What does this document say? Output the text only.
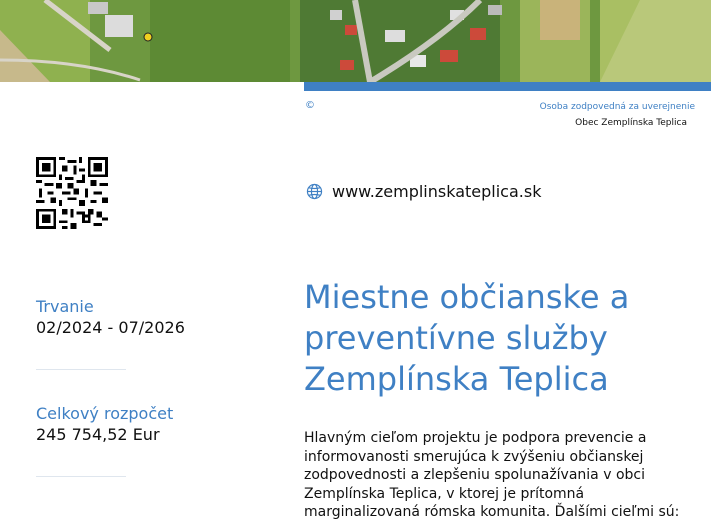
©	Osoba zodpovedná za uverejnenie
Obec Zemplínska Teplica
www.zemplinskateplica.sk
Trvanie
02/2024 - 07/2026
Celkový rozpočet
245 754,52 Eur
Miestne občianske a preventívne služby Zemplínska Teplica

Hlavným cieľom projektu je podpora prevencie a informovanosti smerujúca k zvýšeniu občianskej zodpovednosti a zlepšeniu spolunažívania v obci Zemplínska Teplica, v ktorej je prítomná marginalizovaná rómska komunita. Ďalšími cieľmi sú:
